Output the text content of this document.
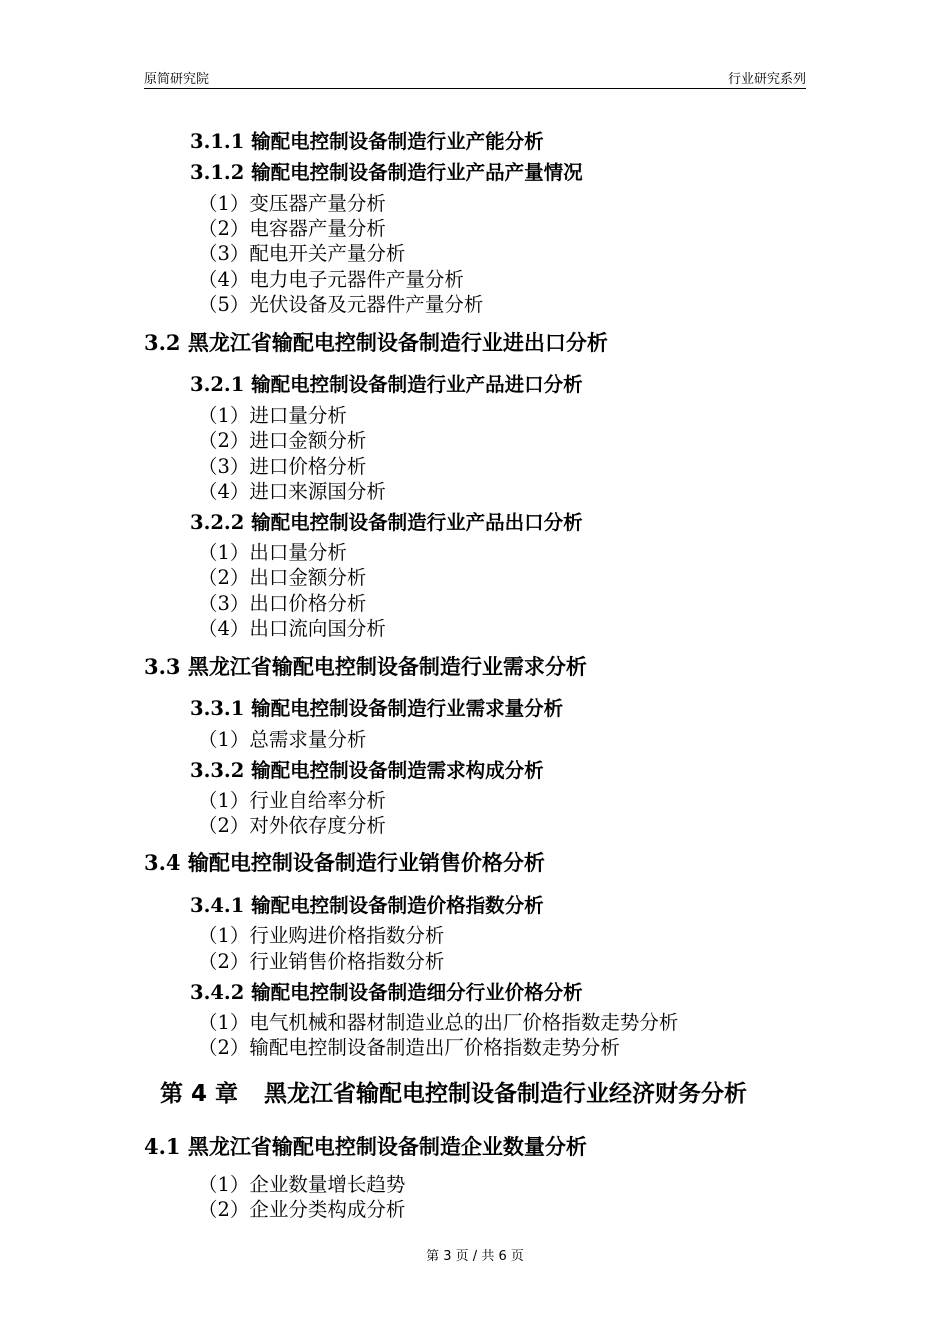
原简研究院	行业研究系列
3.1.1 输配电控制设备制造行业产能分析
3.1.2 输配电控制设备制造行业产品产量情况
（1）变压器产量分析
（2）电容器产量分析
（3）配电开关产量分析
（4）电力电子元器件产量分析
（5）光伏设备及元器件产量分析
3.2 黑龙江省输配电控制设备制造行业进出口分析
3.2.1 输配电控制设备制造行业产品进口分析
（1）进口量分析
（2）进口金额分析
（3）进口价格分析
（4）进口来源国分析
3.2.2 输配电控制设备制造行业产品出口分析
（1）出口量分析
（2）出口金额分析
（3）出口价格分析
（4）出口流向国分析
3.3 黑龙江省输配电控制设备制造行业需求分析
3.3.1 输配电控制设备制造行业需求量分析
（1）总需求量分析
3.3.2 输配电控制设备制造需求构成分析
（1）行业自给率分析
（2）对外依存度分析
3.4 输配电控制设备制造行业销售价格分析
3.4.1 输配电控制设备制造价格指数分析
（1）行业购进价格指数分析
（2）行业销售价格指数分析
3.4.2 输配电控制设备制造细分行业价格分析
（1）电气机械和器材制造业总的出厂价格指数走势分析
（2）输配电控制设备制造出厂价格指数走势分析
第 4 章 黑龙江省输配电控制设备制造行业经济财务分析
4.1 黑龙江省输配电控制设备制造企业数量分析
（1）企业数量增长趋势
（2）企业分类构成分析
第 3 页 / 共 6 页
